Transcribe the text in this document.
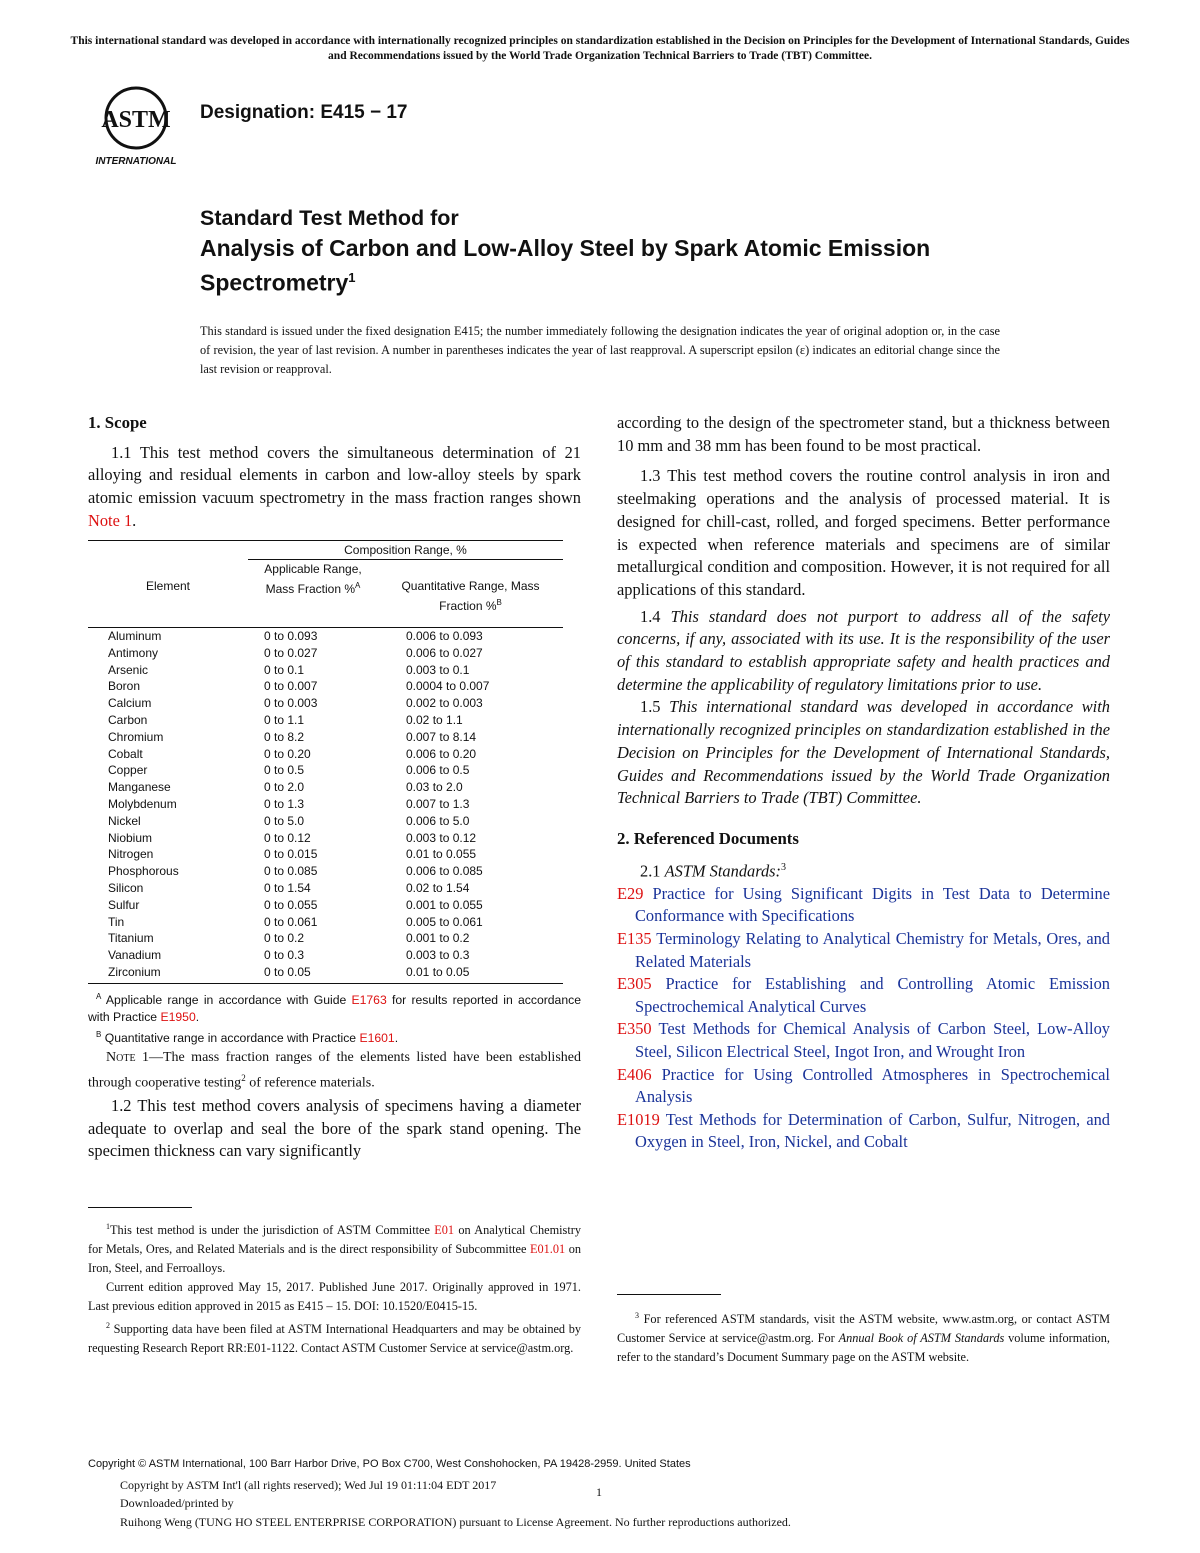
This international standard was developed in accordance with internationally recognized principles on standardization established in the Decision on Principles for the Development of International Standards, Guides and Recommendations issued by the World Trade Organization Technical Barriers to Trade (TBT) Committee.
ASTM
INTERNATIONAL
Designation: E415 − 17
Standard Test Method for
Analysis of Carbon and Low-Alloy Steel by Spark Atomic Emission Spectrometry$^1$
This standard is issued under the fixed designation E415; the number immediately following the designation indicates the year of original adoption or, in the case of revision, the year of last revision. A number in parentheses indicates the year of last reapproval. A superscript epsilon (ε) indicates an editorial change since the last revision or reapproval.
1. Scope

1.1 This test method covers the simultaneous determination of 21 alloying and residual elements in carbon and low-alloy steels by spark atomic emission vacuum spectrometry in the mass fraction ranges shown Note 1.

Composition Range, %
Element
Applicable Range, Mass Fraction %$^A$	Quantitative Range, Mass Fraction %$^B$
Aluminum	0 to 0.093	0.006 to 0.093
Antimony	0 to 0.027	0.006 to 0.027
Arsenic	0 to 0.1	0.003 to 0.1
Boron	0 to 0.007	0.0004 to 0.007
Calcium	0 to 0.003	0.002 to 0.003
Carbon	0 to 1.1	0.02 to 1.1
Chromium	0 to 8.2	0.007 to 8.14
Cobalt	0 to 0.20	0.006 to 0.20
Copper	0 to 0.5	0.006 to 0.5
Manganese	0 to 2.0	0.03 to 2.0
Molybdenum	0 to 1.3	0.007 to 1.3
Nickel	0 to 5.0	0.006 to 5.0
Niobium	0 to 0.12	0.003 to 0.12
Nitrogen	0 to 0.015	0.01 to 0.055
Phosphorous	0 to 0.085	0.006 to 0.085
Silicon	0 to 1.54	0.02 to 1.54
Sulfur	0 to 0.055	0.001 to 0.055
Tin	0 to 0.061	0.005 to 0.061
Titanium	0 to 0.2	0.001 to 0.2
Vanadium	0 to 0.3	0.003 to 0.3
Zirconium	0 to 0.05	0.01 to 0.05
$^A$ Applicable range in accordance with Guide E1763 for results reported in accordance with Practice E1950.
$^B$ Quantitative range in accordance with Practice E1601.
Note 1—The mass fraction ranges of the elements listed have been established through cooperative testing$^2$ of reference materials.

1.2 This test method covers analysis of specimens having a diameter adequate to overlap and seal the bore of the spark stand opening. The specimen thickness can vary significantly

$^1$This test method is under the jurisdiction of ASTM Committee E01 on Analytical Chemistry for Metals, Ores, and Related Materials and is the direct responsibility of Subcommittee E01.01 on Iron, Steel, and Ferroalloys.

Current edition approved May 15, 2017. Published June 2017. Originally approved in 1971. Last previous edition approved in 2015 as E415 – 15. DOI: 10.1520/E0415-15.

$^2$ Supporting data have been filed at ASTM International Headquarters and may be obtained by requesting Research Report RR:E01-1122. Contact ASTM Customer Service at service@astm.org.

according to the design of the spectrometer stand, but a thickness between 10 mm and 38 mm has been found to be most practical.

1.3 This test method covers the routine control analysis in iron and steelmaking operations and the analysis of processed material. It is designed for chill-cast, rolled, and forged specimens. Better performance is expected when reference materials and specimens are of similar metallurgical condition and composition. However, it is not required for all applications of this standard.

1.4 This standard does not purport to address all of the safety concerns, if any, associated with its use. It is the responsibility of the user of this standard to establish appropriate safety and health practices and determine the applicability of regulatory limitations prior to use.

1.5 This international standard was developed in accordance with internationally recognized principles on standardization established in the Decision on Principles for the Development of International Standards, Guides and Recommendations issued by the World Trade Organization Technical Barriers to Trade (TBT) Committee.

2. Referenced Documents

2.1 ASTM Standards:$^3$

E29 Practice for Using Significant Digits in Test Data to Determine Conformance with Specifications

E135 Terminology Relating to Analytical Chemistry for Metals, Ores, and Related Materials

E305 Practice for Establishing and Controlling Atomic Emission Spectrochemical Analytical Curves

E350 Test Methods for Chemical Analysis of Carbon Steel, Low-Alloy Steel, Silicon Electrical Steel, Ingot Iron, and Wrought Iron

E406 Practice for Using Controlled Atmospheres in Spectrochemical Analysis

E1019 Test Methods for Determination of Carbon, Sulfur, Nitrogen, and Oxygen in Steel, Iron, Nickel, and Cobalt

$^3$ For referenced ASTM standards, visit the ASTM website, www.astm.org, or contact ASTM Customer Service at service@astm.org. For Annual Book of ASTM Standards volume information, refer to the standard’s Document Summary page on the ASTM website.

Copyright © ASTM International, 100 Barr Harbor Drive, PO Box C700, West Conshohocken, PA 19428-2959. United States
1
Copyright by ASTM Int'l (all rights reserved); Wed Jul 19 01:11:04 EDT 2017
Downloaded/printed by
Ruihong Weng (TUNG HO STEEL ENTERPRISE CORPORATION) pursuant to License Agreement. No further reproductions authorized.
